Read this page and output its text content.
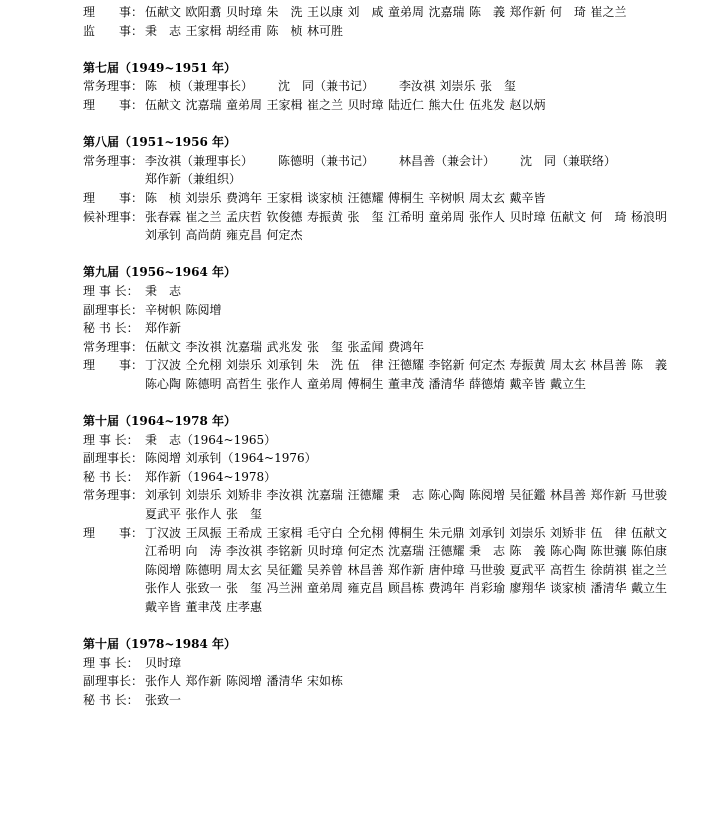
理　　事： 伍献文 欧阳翥 贝时璋 朱　洗 王以康 刘　咸 童弟周 沈嘉瑞 陈　義 郑作新 何　琦 崔之兰
监　　事： 秉　志 王家楫 胡经甫 陈　桢 林可胜
第七届（1949~1951 年）
常务理事： 陈　桢（兼理事长） 沈　同（兼书记） 李汝祺 刘崇乐 张　玺
理　　事： 伍献文 沈嘉瑞 童弟周 王家楫 崔之兰 贝时璋 陆近仁 熊大仕 伍兆发 赵以炳
第八届（1951~1956 年）
常务理事： 李汝祺（兼理事长） 陈德明（兼书记） 林昌善（兼会计） 沈　同（兼联络）
郑作新（兼组织）
理　　事： 陈　桢 刘崇乐 费鸿年 王家楫 谈家桢 汪德耀 傅桐生 辛树帜 周太玄 戴辛皆
候补理事： 张春霖 崔之兰 孟庆哲 钦俊德 寿振黄 张　玺 江希明 童弟周 张作人 贝时璋 伍献文 何　琦 杨浪明
刘承钊 高尚荫 雍克昌 何定杰
第九届（1956~1964 年）
理 事 长： 秉　志
副理事长： 辛树帜 陈阅增
秘 书 长： 郑作新
常务理事： 伍献文 李汝祺 沈嘉瑞 武兆发 张　玺 张孟闻 费鸿年
理　　事： 丁汉波 仝允栩 刘崇乐 刘承钊 朱　洗 伍　律 汪德耀 李铭新 何定杰 寿振黄 周太玄 林昌善 陈　義
陈心陶 陈德明 高哲生 张作人 童弟周 傅桐生 董聿茂 潘清华 薛德焴 戴辛皆 戴立生
第十届（1964~1978 年）
理 事 长： 秉　志（1964~1965）
副理事长： 陈阅增 刘承钊（1964~1976）
秘 书 长： 郑作新（1964~1978）
常务理事： 刘承钊 刘崇乐 刘矫非 李汝祺 沈嘉瑞 汪德耀 秉　志 陈心陶 陈阅增 吴征鑑 林昌善 郑作新 马世骏
夏武平 张作人 张　玺
理　　事： 丁汉波 王凤振 王希成 王家楫 毛守白 仝允栩 傅桐生 朱元鼎 刘承钊 刘崇乐 刘矫非 伍　律 伍献文
江希明 向　涛 李汝祺 李铭新 贝时璋 何定杰 沈嘉瑞 汪德耀 秉　志 陈　義 陈心陶 陈世骧 陈伯康
陈阅增 陈德明 周太玄 吴征鑑 吴养曾 林昌善 郑作新 唐仲璋 马世骏 夏武平 高哲生 徐荫祺 崔之兰
张作人 张致一 张　玺 冯兰洲 童弟周 雍克昌 顾昌栋 费鸿年 肖彩瑜 廖翔华 谈家桢 潘清华 戴立生
戴辛皆 董聿茂 庄孝惠
第十届（1978~1984 年）
理 事 长： 贝时璋
副理事长： 张作人 郑作新 陈阅增 潘清华 宋如栋
秘 书 长： 张致一
